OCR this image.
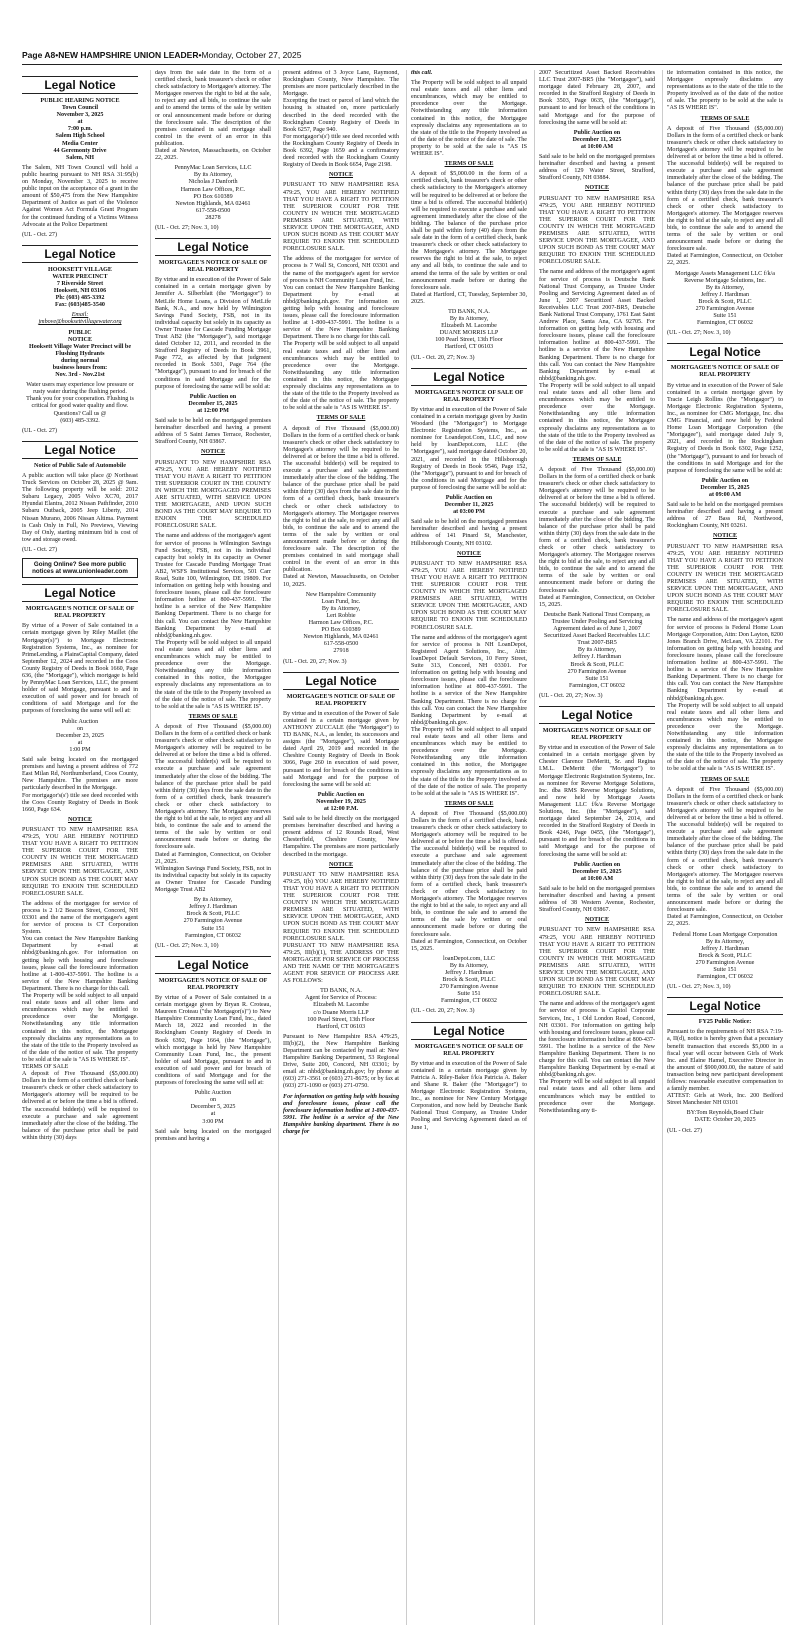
Page A8•NEW HAMPSHIRE UNION LEADER•Monday, October 27, 2025
Legal Notice

PUBLIC HEARING NOTICE
Town Council
November 3, 2025
at
7:00 p.m.
Salem High School
Media Center
44 Geremonty Drive
Salem, NH

The Salem, NH Town Council will hold a public hearing pursuant to NH RSA 31:95(b) on Monday, November 3, 2025 to receive public input on the acceptance of a grant in the amount of $50,475 from the New Hampshire Department of Justice as part of the Violence Against Women Act Formula Grant Program for the continued funding of a Victims Witness Advocate at the Police Department

(UL - Oct. 27)

Legal Notice

HOOKSETT VILLAGE
WATER PRECINCT
7 Riverside Street
Hooksett, NH 03106
Ph: (603) 485-3392
Fax: (603)485-3540

Email:
jmbove@hooksettvillagewater.org

PUBLIC
NOTICE
Hooksett Village Water Precinct will be
Flushing Hydrants
during normal
business hours from:
Nov. 3rd - Nov.21st

Water users may experience low pressure or rusty water during the flushing period.
Thank you for your cooperation. Flushing is critical for good water quality and flow.
Questions? Call us @
(603) 485-3392.

(UL - Oct. 27)

Legal Notice

Notice of Public Sale of Automobile

A public auction will take place @ Northeast Truck Services on October 28, 2025 @ 9am. The following property will be sold: 2012 Subaru Legacy, 2005 Volvo XC70, 2017 Hyundai Elantra, 2012 Nissan Pathfinder, 2010 Subaru Outback, 2005 Jeep Liberty, 2014 Nissan Murano, 2006 Nissan Altima. Payment is Cash Only in Full, No Previews, Viewing Day of Only, starting minimum bid is cost of tow and storage owed.

(UL - Oct. 27)

Going Online? See more public notices at www.unionleader.com
Legal Notice

MORTGAGEE'S NOTICE OF SALE OF REAL PROPERTY

By virtue of a Power of Sale contained in a certain mortgage given by Riley Maillet (the Mortgagor(s)") to Mortgage Electronic Registration Systems, Inc., as nominee for PrimeLending, a PlainsCapital Company, dated September 12, 2024 and recorded in the Coos County Registry of Deeds in Book 1660, Page 636, (the "Mortgage"), which mortgage is held by PennyMac Loan Services, LLC, the present holder of said Mortgage, pursuant to and in execution of said power and for breach of conditions of said Mortgage and for the purposes of foreclosing the same will sell at:

Public Auction
on
December 23, 2025
at
1:00 PM

Said sale being located on the mortgaged premises and having a present address of 772 East Milan Rd, Northumberland, Coos County, New Hampshire. The premises are more particularly described in the Mortgage.
For mortgagor's(s') title see deed recorded with the Coos County Registry of Deeds in Book 1660, Page 634.

NOTICE

PURSUANT TO NEW HAMPSHIRE RSA 479:25, YOU ARE HEREBY NOTIFIED THAT YOU HAVE A RIGHT TO PETITION THE SUPERIOR COURT FOR THE COUNTY IN WHICH THE MORTGAGED PREMISES ARE SITUATED, WITH SERVICE UPON THE MORTGAGEE, AND UPON SUCH BOND AS THE COURT MAY REQUIRE TO ENJOIN THE SCHEDULED FORECLOSURE SALE.

The address of the mortgagee for service of process is 2 1/2 Beacon Street, Concord, NH 03301 and the name of the mortgagee's agent for service of process is CT Corporation System.
You can contact the New Hampshire Banking Department by e-mail at nhbd@banking.nh.gov. For information on getting help with housing and foreclosure issues, please call the foreclosure information hotline at 1-800-437-5991. The hotline is a service of the New Hampshire Banking Department. There is no charge for this call.
The Property will be sold subject to all unpaid real estate taxes and all other liens and encumbrances which may be entitled to precedence over the Mortgage. Notwithstanding any title information contained in this notice, the Mortgagee expressly disclaims any representations as to the state of the title to the Property involved as of the date of the notice of sale. The property to be sold at the sale is "AS IS WHERE IS".
TERMS OF SALE
A deposit of Five Thousand ($5,000.00) Dollars in the form of a certified check or bank treasurer's check or other check satisfactory to Mortgagee's attorney will be required to be delivered at or before the time a bid is offered. The successful bidder(s) will be required to execute a purchase and sale agreement immediately after the close of the bidding. The balance of the purchase price shall be paid within thirty (30) days

days from the sale date in the form of a certified check, bank treasurer's check or other check satisfactory to Mortgagee's attorney. The Mortgagee reserves the right to bid at the sale, to reject any and all bids, to continue the sale and to amend the terms of the sale by written or oral announcement made before or during the foreclosure sale. The description of the premises contained in said mortgage shall control in the event of an error in this publication.
Dated at Newton, Massachusetts, on October 22, 2025.

PennyMac Loan Services, LLC
By its Attorney,
Nicholas J Danforth
Harmon Law Offices, P.C.
PO Box 610389
Newton Highlands, MA 02461
617-558-0500
28278

(UL - Oct. 27; Nov. 3, 10)

Legal Notice

MORTGAGEE'S NOTICE OF SALE OF REAL PROPERTY

By virtue and in execution of the Power of Sale contained in a certain mortgage given by Jennifer A. Silberblatt (the "Mortgagor") to MetLife Home Loans, a Division of MetLife Bank, N.A., and now held by Wilmington Savings Fund Society, FSB, not in its individual capacity but solely in its capacity as Owner Trustee for Cascade Funding Mortgage Trust AB2 (the "Mortgagee"), said mortgage dated October 12, 2011, and recorded in the Strafford Registry of Deeds in Book 3961, Page 772, as affected by that judgment recorded in Book 5301, Page 764 (the "Mortgage"), pursuant to and for breach of the conditions in said Mortgage and for the purpose of foreclosing the same will be sold at:

Public Auction on
December 15, 2025
at 12:00 PM

Said sale to be held on the mortgaged premises hereinafter described and having a present address of 5 Saint James Terrace, Rochester, Strafford County, NH 03867.

NOTICE

PURSUANT TO NEW HAMPSHIRE RSA 479:25, YOU ARE HEREBY NOTIFIED THAT YOU HAVE A RIGHT TO PETITION THE SUPERIOR COURT IN THE COUNTY IN WHICH THE MORTGAGED PREMISES ARE SITUATED, WITH SERVICE UPON THE MORTGAGEE, AND UPON SUCH BOND AS THE COURT MAY REQUIRE TO ENJOIN THE SCHEDULED FORECLOSURE SALE.

The name and address of the mortgagee's agent for service of process is Wilmington Savings Fund Society, FSB, not in its individual capacity but solely in its capacity as Owner Trustee for Cascade Funding Mortgage Trust AB2, WSFS Institutional Services, 501 Carr Road, Suite 100, Wilmington, DE 19809. For information on getting help with housing and foreclosure issues, please call the foreclosure information hotline at 800-437-5991. The hotline is a service of the New Hampshire Banking Department. There is no charge for this call. You can contact the New Hampshire Banking Department by e-mail at nhbd@banking.nh.gov.
The Property will be sold subject to all unpaid real estate taxes and all other liens and encumbrances which may be entitled to precedence over the Mortgage. Notwithstanding any title information contained in this notice, the Mortgagee expressly disclaims any representations as to the state of the title to the Property involved as of the date of the notice of sale. The property to be sold at the sale is "AS IS WHERE IS".

TERMS OF SALE

A deposit of Five Thousand ($5,000.00) Dollars in the form of a certified check or bank treasurer's check or other check satisfactory to Mortgagee's attorney will be required to be delivered at or before the time a bid is offered. The successful bidder(s) will be required to execute a purchase and sale agreement immediately after the close of the bidding. The balance of the purchase price shall be paid within thirty (30) days from the sale date in the form of a certified check, bank treasurer's check or other check satisfactory to Mortgagee's attorney. The Mortgagee reserves the right to bid at the sale, to reject any and all bids, to continue the sale and to amend the terms of the sale by written or oral announcement made before or during the foreclosure sale.
Dated at Farmington, Connecticut, on October 21, 2025.
Wilmington Savings Fund Society, FSB, not in its individual capacity but solely in its capacity as Owner Trustee for Cascade Funding Mortgage Trust AB2

By its Attorney,
Jeffrey J. Hardiman
Brock & Scott, PLLC
270 Farmington Avenue
Suite 151
Farmington, CT 06032

(UL - Oct. 27; Nov. 3, 10)

Legal Notice

MORTGAGEE'S NOTICE OF SALE OF REAL PROPERTY

By virtue of a Power of Sale contained in a certain mortgage given by Bryan R. Croteau, Maureen Croteau ("the Mortgagor(s)") to New Hampshire Community Loan Fund, Inc., dated March 18, 2022 and recorded in the Rockingham County Registry of Deeds in Book 6392, Page 1664, (the "Mortgage"), which mortgage is held by New Hampshire Community Loan Fund, Inc., the present holder of said Mortgage, pursuant to and in execution of said power and for breach of conditions of said Mortgage and for the purposes of foreclosing the same will sell at:

Public Auction
on
December 5, 2025
at
3:00 PM

Said sale being located on the mortgaged premises and having a

present address of 3 Joyce Lane, Raymond, Rockingham County, New Hampshire. The premises are more particularly described in the Mortgage.
Excepting the tract or parcel of land which the housing is situated on, more particularly described in the deed recorded with the Rockingham County Registry of Deeds in Book 6257, Page 940.
For mortgagor's(s') title see deed recorded with the Rockingham County Registry of Deeds in Book 6392, Page 1659 and a confirmatory deed recorded with the Rockingham County Registry of Deeds in Book 6654, Page 2198.

NOTICE

PURSUANT TO NEW HAMPSHIRE RSA 479:25, YOU ARE HEREBY NOTIFIED THAT YOU HAVE A RIGHT TO PETITION THE SUPERIOR COURT FOR THE COUNTY IN WHICH THE MORTGAGED PREMISES ARE SITUATED, WITH SERVICE UPON THE MORTGAGEE, AND UPON SUCH BOND AS THE COURT MAY REQUIRE TO ENJOIN THE SCHEDULED FORECLOSURE SALE.

The address of the mortgagee for service of process is 7 Wall St, Concord, NH 03301 and the name of the mortgagee's agent for service of process is NH Community Loan Fund, Inc.
You can contact the New Hampshire Banking Department by e-mail at nhbd@banking.nh.gov. For information on getting help with housing and foreclosure issues, please call the foreclosure information hotline at 1-800-437-5991. The hotline is a service of the New Hampshire Banking Department. There is no charge for this call.
The Property will be sold subject to all unpaid real estate taxes and all other liens and encumbrances which may be entitled to precedence over the Mortgage. Notwithstanding any title information contained in this notice, the Mortgagee expressly disclaims any representations as to the state of the title to the Property involved as of the date of the notice of sale. The property to be sold at the sale is "AS IS WHERE IS".

TERMS OF SALE

A deposit of Five Thousand ($5,000.00) Dollars in the form of a certified check or bank treasurer's check or other check satisfactory to Mortgagee's attorney will be required to be delivered at or before the time a bid is offered. The successful bidder(s) will be required to execute a purchase and sale agreement immediately after the close of the bidding. The balance of the purchase price shall be paid within thirty (30) days from the sale date in the form of a certified check, bank treasurer's check or other check satisfactory to Mortgagee's attorney. The Mortgagee reserves the right to bid at the sale, to reject any and all bids, to continue the sale and to amend the terms of the sale by written or oral announcement made before or during the foreclosure sale. The description of the premises contained in said mortgage shall control in the event of an error in this publication.
Dated at Newton, Massachusetts, on October 10, 2025.

New Hampshire Community
Loan Fund, Inc.
By its Attorney,
Leri Robbie
Harmon Law Offices, P.C.
PO Box 610389
Newton Highlands, MA 02461
617-558-0500
27918

(UL - Oct. 20, 27; Nov. 3)

Legal Notice

MORTGAGEE'S NOTICE OF SALE OF REAL PROPERTY

By virtue and in execution of the Power of Sale contained in a certain mortgage given by ANTHONY ZUCCALE (the "Mortgagor") to TD BANK, N.A., as lender, its successors and assigns (the "Mortgagee"), said Mortgage dated April 29, 2019 and recorded in the Cheshire County Registry of Deeds in Book 3066, Page 260 in execution of said power, pursuant to and for breach of the conditions in said Mortgage and for the purpose of foreclosing the same will be sold at:

Public Auction on
November 19, 2025
at 12:00 P.M.

Said sale to be held directly on the mortgaged premises hereinafter described and having a present address of 12 Rounds Road, West Chesterfield, Cheshire County, New Hampshire. The premises are more particularly described in the mortgage.

NOTICE

PURSUANT TO NEW HAMPSHIRE RSA 479:25, I(b) YOU ARE HEREBY NOTIFIED THAT YOU HAVE A RIGHT TO PETITION THE SUPERIOR COURT FOR THE COUNTY IN WHICH THE MORTGAGED PREMISES ARE SITUATED, WITH SERVICE UPON THE MORTGAGEE, AND UPON SUCH BOND AS THE COURT MAY REQUIRE TO ENJOIN THE SCHEDULED FORECLOSURE SALE.
PURSUANT TO NEW HAMPSHIRE RSA 479:25, III(b)(1), THE ADDRESS OF THE MORTGAGEE FOR SERVICE OF PROCESS AND THE NAME OF THE MORTGAGEE'S AGENT FOR SERVICE OF PROCESS ARE AS FOLLOWS:

TD BANK, N.A.
Agent for Service of Process:
Elizabeth M. Lacombe
c/o Duane Morris LLP
100 Pearl Street, 13th Floor
Hartford, CT 06103

Pursuant to New Hampshire RSA 479:25, III(b)(2), the New Hampshire Banking Department can be contacted by mail at: New Hampshire Banking Department, 53 Regional Drive, Suite 200, Concord, NH 03301; by email at: nhbd@banking.nh.gov; by phone at (603) 271-3561 or (603) 271-8675; or by fax at (603) 271-1090 or (603) 271-0750.

For information on getting help with housing and foreclosure issues, please call the foreclosure information hotline at 1-800-437-5991. The hotline is a service of the New Hampshire banking department. There is no charge for

this call.

The Property will be sold subject to all unpaid real estate taxes and all other liens and encumbrances, which may be entitled to precedence over the Mortgage. Notwithstanding any title information contained in this notice, the Mortgagee expressly disclaims any representations as to the state of the title to the Property involved as of the date of the notice of the date of sale. The property to be sold at the sale is "AS IS WHERE IS".

TERMS OF SALE

A deposit of $5,000.00 in the form of a certified check, bank treasurer's check or other check satisfactory to the Mortgagee's attorney will be required to be delivered at or before the time a bid is offered. The successful bidder(s) will be required to execute a purchase and sale agreement immediately after the close of the bidding. The balance of the purchase price shall be paid within forty (40) days from the sale date in the form of a certified check, bank treasurer's check or other check satisfactory to the Mortgagee's attorney. The Mortgagee reserves the right to bid at the sale, to reject any and all bids, to continue the sale and to amend the terms of the sale by written or oral announcement made before or during the foreclosure sale.
Dated at Hartford, CT, Tuesday, September 30, 2025.

TD BANK, N.A.
By its Attorney,
Elizabeth M. Lacombe
DUANE MORRIS LLP
100 Pearl Street, 13th Floor
Hartford, CT 06103

(UL - Oct. 20, 27; Nov. 3)

Legal Notice

MORTGAGEE'S NOTICE OF SALE OF REAL PROPERTY

By virtue and in execution of the Power of Sale contained in a certain mortgage given by Justin Woodard (the "Mortgagor") to Mortgage Electronic Registration Systems, Inc., as nominee for Loandepot.Com, LLC, and now held by loanDepot.com, LLC (the "Mortgagee"), said mortgage dated October 20, 2021, and recorded in the Hillsborough Registry of Deeds in Book 9546, Page 152, (the "Mortgage"), pursuant to and for breach of the conditions in said Mortgage and for the purpose of foreclosing the same will be sold at:

Public Auction on
December 11, 2025
at 03:00 PM

Said sale to be held on the mortgaged premises hereinafter described and having a present address of 141 Pinard St, Manchester, Hillsborough County, NH 03102.

NOTICE

PURSUANT TO NEW HAMPSHIRE RSA 479:25, YOU ARE HEREBY NOTIFIED THAT YOU HAVE A RIGHT TO PETITION THE SUPERIOR COURT FOR THE COUNTY IN WHICH THE MORTGAGED PREMISES ARE SITUATED, WITH SERVICE UPON THE MORTGAGEE, AND UPON SUCH BOND AS THE COURT MAY REQUIRE TO ENJOIN THE SCHEDULED FORECLOSURE SALE.

The name and address of the mortgagee's agent for service of process is NH LoanDepot, Registered Agent Solutions, Inc., Attn: loanDepot Default Services, 10 Ferry Street, Suite 313, Concord, NH 03301. For information on getting help with housing and foreclosure issues, please call the foreclosure information hotline at 800-437-5991. The hotline is a service of the New Hampshire Banking Department. There is no charge for this call. You can contact the New Hampshire Banking Department by e-mail at nhbd@banking.nh.gov.
The Property will be sold subject to all unpaid real estate taxes and all other liens and encumbrances which may be entitled to precedence over the Mortgage. Notwithstanding any title information contained in this notice, the Mortgagee expressly disclaims any representations as to the state of the title to the Property involved as of the date of the notice of sale. The property to be sold at the sale is "AS IS WHERE IS".

TERMS OF SALE

A deposit of Five Thousand ($5,000.00) Dollars in the form of a certified check, bank treasurer's check or other check satisfactory to Mortgagee's attorney will be required to be delivered at or before the time a bid is offered. The successful bidder(s) will be required to execute a purchase and sale agreement immediately after the close of the bidding. The balance of the purchase price shall be paid within thirty (30) days from the sale date in the form of a certified check, bank treasurer's check or other check satisfactory to Mortgagee's attorney. The Mortgagee reserves the right to bid at the sale, to reject any and all bids, to continue the sale and to amend the terms of the sale by written or oral announcement made before or during the foreclosure sale.
Dated at Farmington, Connecticut, on October 15, 2025.

loanDepot.com, LLC
By its Attorney,
Jeffrey J. Hardiman
Brock & Scott, PLLC
270 Farmington Avenue
Suite 151
Farmington, CT 06032

(UL - Oct. 20, 27; Nov. 3)

Legal Notice

MORTGAGEE'S NOTICE OF SALE OF REAL PROPERTY

By virtue and in execution of the Power of Sale contained in a certain mortgage given by Patricia A. Riley-Baker f/k/a Patricia A. Baker and Shane R. Baker (the "Mortgagor") to Mortgage Electronic Registration Systems, Inc., as nominee for New Century Mortgage Corporation, and now held by Deutsche Bank National Trust Company, as Trustee Under Pooling and Servicing Agreement dated as of June 1,

2007 Securitized Asset Backed Receivables LLC Trust 2007-BR5 (the "Mortgagee"), said mortgage dated February 28, 2007, and recorded in the Strafford Registry of Deeds in Book 3503, Page 0635, (the "Mortgage"), pursuant to and for breach of the conditions in said Mortgage and for the purpose of foreclosing the same will be sold at:

Public Auction on
December 11, 2025
at 10:00 AM

Said sale to be held on the mortgaged premises hereinafter described and having a present address of 129 Water Street, Strafford, Strafford County, NH 03884.

NOTICE

PURSUANT TO NEW HAMPSHIRE RSA 479:25, YOU ARE HEREBY NOTIFIED THAT YOU HAVE A RIGHT TO PETITION THE SUPERIOR COURT FOR THE COUNTY IN WHICH THE MORTGAGED PREMISES ARE SITUATED, WITH SERVICE UPON THE MORTGAGEE, AND UPON SUCH BOND AS THE COURT MAY REQUIRE TO ENJOIN THE SCHEDULED FORECLOSURE SALE.

The name and address of the mortgagee's agent for service of process is Deutsche Bank National Trust Company, as Trustee Under Pooling and Servicing Agreement dated as of June 1, 2007 Securitized Asset Backed Receivables LLC Trust 2007-BR5, Deutsche Bank National Trust Company, 1761 East Saint Andrew Place, Santa Ana, CA 92705. For information on getting help with housing and foreclosure issues, please call the foreclosure information hotline at 800-437-5991. The hotline is a service of the New Hampshire Banking Department. There is no charge for this call. You can contact the New Hampshire Banking Department by e-mail at nhbd@banking.nh.gov.
The Property will be sold subject to all unpaid real estate taxes and all other liens and encumbrances which may be entitled to precedence over the Mortgage. Notwithstanding any title information contained in this notice, the Mortgagee expressly disclaims any representations as to the state of the title to the Property involved as of the date of the notice of sale. The property to be sold at the sale is "AS IS WHERE IS".

TERMS OF SALE

A deposit of Five Thousand ($5,000.00) Dollars in the form of a certified check or bank treasurer's check or other check satisfactory to Mortgagee's attorney will be required to be delivered at or before the time a bid is offered. The successful bidder(s) will be required to execute a purchase and sale agreement immediately after the close of the bidding. The balance of the purchase price shall be paid within thirty (30) days from the sale date in the form of a certified check, bank treasurer's check or other check satisfactory to Mortgagee's attorney. The Mortgagee reserves the right to bid at the sale, to reject any and all bids, to continue the sale and to amend the terms of the sale by written or oral announcement made before or during the foreclosure sale.
Dated at Farmington, Connecticut, on October 15, 2025.

Deutsche Bank National Trust Company, as Trustee Under Pooling and Servicing Agreement dated as of June 1, 2007 Securitized Asset Backed Receivables LLC Trust 2007-BR5
By its Attorney,
Jeffrey J. Hardiman
Brock & Scott, PLLC
270 Farmington Avenue
Suite 151
Farmington, CT 06032

(UL - Oct. 20, 27; Nov. 3)

Legal Notice

MORTGAGEE'S NOTICE OF SALE OF REAL PROPERTY

By virtue and in execution of the Power of Sale contained in a certain mortgage given by Chester Clarence DeMeritt, Sr. and Regina I.M.L. DeMeritt (the "Mortgagor") to Mortgage Electronic Registration Systems, Inc. as nominee for Reverse Mortgage Solutions, Inc. dba RMS Reverse Mortgage Solutions, and now held by Mortgage Assets Management LLC f/k/a Reverse Mortgage Solutions, Inc. (the "Mortgagee"), said mortgage dated September 24, 2014, and recorded in the Strafford Registry of Deeds in Book 4246, Page 0455, (the "Mortgage"), pursuant to and for breach of the conditions in said Mortgage and for the purpose of foreclosing the same will be sold at:

Public Auction on
December 15, 2025
at 10:00 AM

Said sale to be held on the mortgaged premises hereinafter described and having a present address of 38 Western Avenue, Rochester, Strafford County, NH 03867.

NOTICE

PURSUANT TO NEW HAMPSHIRE RSA 479:25, YOU ARE HEREBY NOTIFIED THAT YOU HAVE A RIGHT TO PETITION THE SUPERIOR COURT FOR THE COUNTY IN WHICH THE MORTGAGED PREMISES ARE SITUATED, WITH SERVICE UPON THE MORTGAGEE, AND UPON SUCH BOND AS THE COURT MAY REQUIRE TO ENJOIN THE SCHEDULED FORECLOSURE SALE.

The name and address of the mortgagee's agent for service of process is Capitol Corporate Services, Inc., 1 Old London Road, Concord, NH 03301. For information on getting help with housing and foreclosure issues, please call the foreclosure information hotline at 800-437-5991. The hotline is a service of the New Hampshire Banking Department. There is no charge for this call. You can contact the New Hampshire Banking Department by e-mail at nhbd@banking.nh.gov.
The Property will be sold subject to all unpaid real estate taxes and all other liens and encumbrances which may be entitled to precedence over the Mortgage. Notwithstanding any ti-

tle information contained in this notice, the Mortgagee expressly disclaims any representations as to the state of the title to the Property involved as of the date of the notice of sale. The property to be sold at the sale is "AS IS WHERE IS".

TERMS OF SALE

A deposit of Five Thousand ($5,000.00) Dollars in the form of a certified check or bank treasurer's check or other check satisfactory to Mortgagee's attorney will be required to be delivered at or before the time a bid is offered. The successful bidder(s) will be required to execute a purchase and sale agreement immediately after the close of the bidding. The balance of the purchase price shall be paid within thirty (30) days from the sale date in the form of a certified check, bank treasurer's check or other check satisfactory to Mortgagee's attorney. The Mortgagee reserves the right to bid at the sale, to reject any and all bids, to continue the sale and to amend the terms of the sale by written or oral announcement made before or during the foreclosure sale.
Dated at Farmington, Connecticut, on October 22, 2025.

Mortgage Assets Management LLC f/k/a Reverse Mortgage Solutions, Inc.
By its Attorney,
Jeffrey J. Hardiman
Brock & Scott, PLLC
270 Farmington Avenue
Suite 151
Farmington, CT 06032

(UL - Oct. 27; Nov. 3, 10)

Legal Notice

MORTGAGEE'S NOTICE OF SALE OF REAL PROPERTY

By virtue and in execution of the Power of Sale contained in a certain mortgage given by Tracie Leigh Rollins (the "Mortgagor") to Mortgage Electronic Registration Systems, Inc., as nominee for CMG Mortgage, Inc. dba CMG Financial, and now held by Federal Home Loan Mortgage Corporation (the "Mortgagee"), said mortgage dated July 9, 2021, and recorded in the Rockingham Registry of Deeds in Book 6302, Page 1252, (the "Mortgage"), pursuant to and for breach of the conditions in said Mortgage and for the purpose of foreclosing the same will be sold at:

Public Auction on
December 15, 2025
at 09:00 AM

Said sale to be held on the mortgaged premises hereinafter described and having a present address of 27 Bass Rd, Northwood, Rockingham County, NH 03261.

NOTICE

PURSUANT TO NEW HAMPSHIRE RSA 479:25, YOU ARE HEREBY NOTIFIED THAT YOU HAVE A RIGHT TO PETITION THE SUPERIOR COURT FOR THE COUNTY IN WHICH THE MORTGAGED PREMISES ARE SITUATED, WITH SERVICE UPON THE MORTGAGEE, AND UPON SUCH BOND AS THE COURT MAY REQUIRE TO ENJOIN THE SCHEDULED FORECLOSURE SALE.

The name and address of the mortgagee's agent for service of process is Federal Home Loan Mortgage Corporation, Attn: Don Layton, 8200 Jones Branch Drive, McLean, VA 22101. For information on getting help with housing and foreclosure issues, please call the foreclosure information hotline at 800-437-5991. The hotline is a service of the New Hampshire Banking Department. There is no charge for this call. You can contact the New Hampshire Banking Department by e-mail at nhbd@banking.nh.gov.
The Property will be sold subject to all unpaid real estate taxes and all other liens and encumbrances which may be entitled to precedence over the Mortgage. Notwithstanding any title information contained in this notice, the Mortgagee expressly disclaims any representations as to the state of the title to the Property involved as of the date of the notice of sale. The property to be sold at the sale is "AS IS WHERE IS".

TERMS OF SALE

A deposit of Five Thousand ($5,000.00) Dollars in the form of a certified check or bank treasurer's check or other check satisfactory to Mortgagee's attorney will be required to be delivered at or before the time a bid is offered. The successful bidder(s) will be required to execute a purchase and sale agreement immediately after the close of the bidding. The balance of the purchase price shall be paid within thirty (30) days from the sale date in the form of a certified check, bank treasurer's check or other check satisfactory to Mortgagee's attorney. The Mortgagee reserves the right to bid at the sale, to reject any and all bids, to continue the sale and to amend the terms of the sale by written or oral announcement made before or during the foreclosure sale.
Dated at Farmington, Connecticut, on October 22, 2025.

Federal Home Loan Mortgage Corporation
By its Attorney,
Jeffrey J. Hardiman
Brock & Scott, PLLC
270 Farmington Avenue
Suite 151
Farmington, CT 06032

(UL - Oct. 27; Nov. 3, 10)

Legal Notice

FY25 Public Notice:

Pursuant to the requirements of NH RSA 7:19-a, II(d), notice is hereby given that a pecuniary benefit transaction that exceeds $5,000 in a fiscal year will occur between Girls of Work Inc. and Elaine Hamel, Executive Director in the amount of $900,000.00, the nature of said transaction being new participant development follows: reasonable executive compensation to a family member.
ATTEST: Girls at Work, Inc. 200 Bedford Street Manchester NH 03101

BY:Tom Reynolds,Board Chair
DATE: October 20, 2025

(UL - Oct. 27)
